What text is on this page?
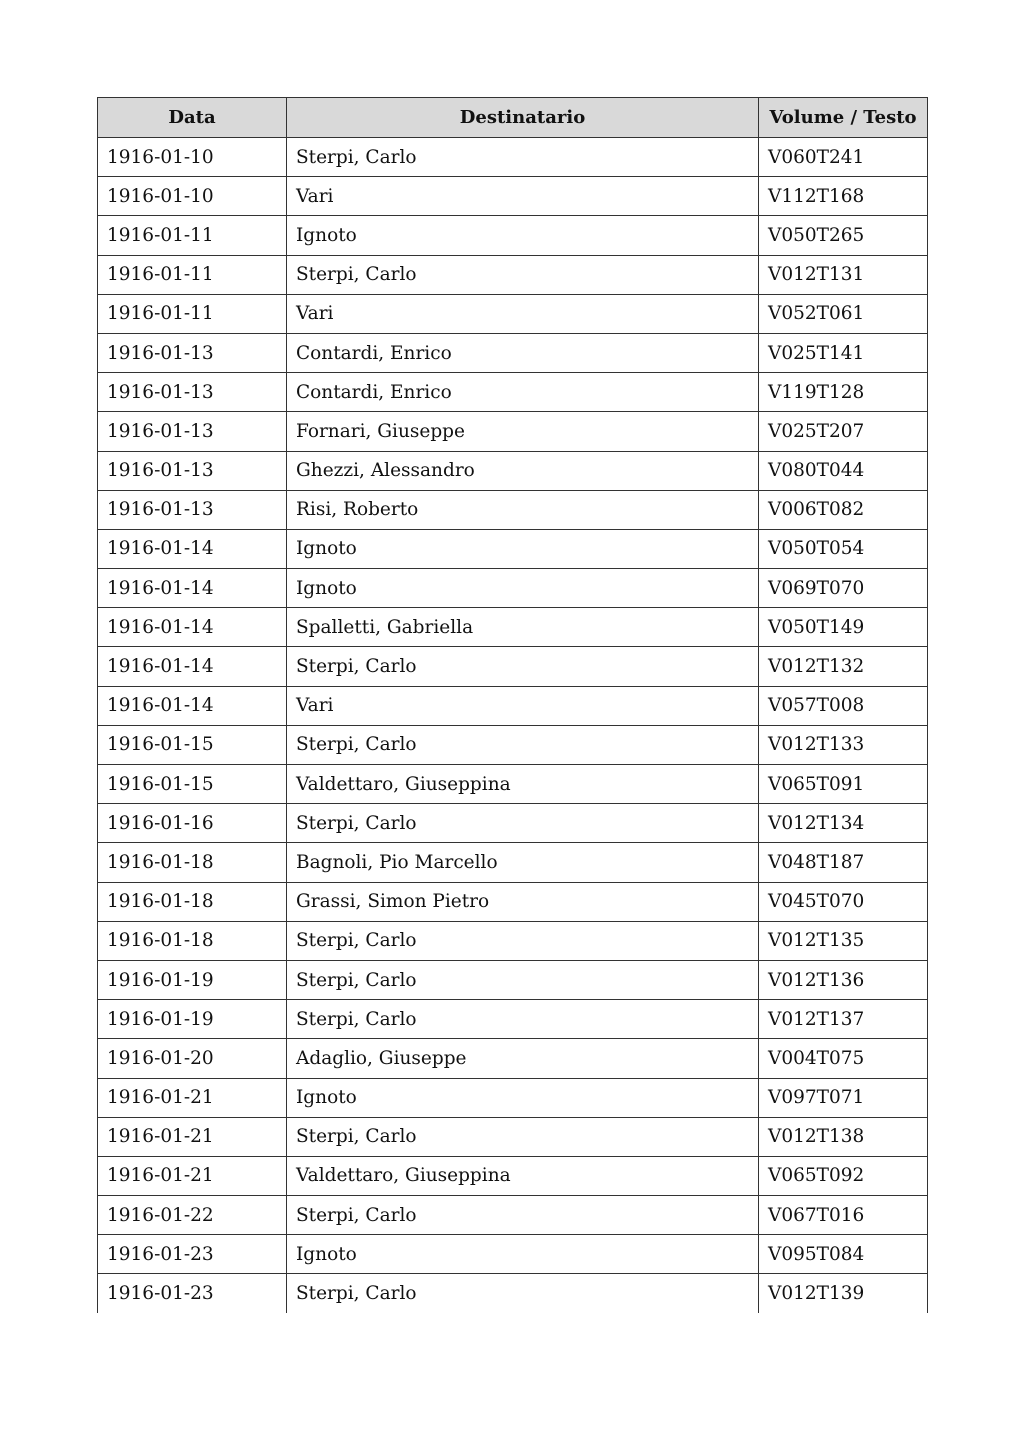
Data	Destinatario	Volume / Testo
1916-01-10	Sterpi, Carlo	V060T241
1916-01-10	Vari	V112T168
1916-01-11	Ignoto	V050T265
1916-01-11	Sterpi, Carlo	V012T131
1916-01-11	Vari	V052T061
1916-01-13	Contardi, Enrico	V025T141
1916-01-13	Contardi, Enrico	V119T128
1916-01-13	Fornari, Giuseppe	V025T207
1916-01-13	Ghezzi, Alessandro	V080T044
1916-01-13	Risi, Roberto	V006T082
1916-01-14	Ignoto	V050T054
1916-01-14	Ignoto	V069T070
1916-01-14	Spalletti, Gabriella	V050T149
1916-01-14	Sterpi, Carlo	V012T132
1916-01-14	Vari	V057T008
1916-01-15	Sterpi, Carlo	V012T133
1916-01-15	Valdettaro, Giuseppina	V065T091
1916-01-16	Sterpi, Carlo	V012T134
1916-01-18	Bagnoli, Pio Marcello	V048T187
1916-01-18	Grassi, Simon Pietro	V045T070
1916-01-18	Sterpi, Carlo	V012T135
1916-01-19	Sterpi, Carlo	V012T136
1916-01-19	Sterpi, Carlo	V012T137
1916-01-20	Adaglio, Giuseppe	V004T075
1916-01-21	Ignoto	V097T071
1916-01-21	Sterpi, Carlo	V012T138
1916-01-21	Valdettaro, Giuseppina	V065T092
1916-01-22	Sterpi, Carlo	V067T016
1916-01-23	Ignoto	V095T084
1916-01-23	Sterpi, Carlo	V012T139
